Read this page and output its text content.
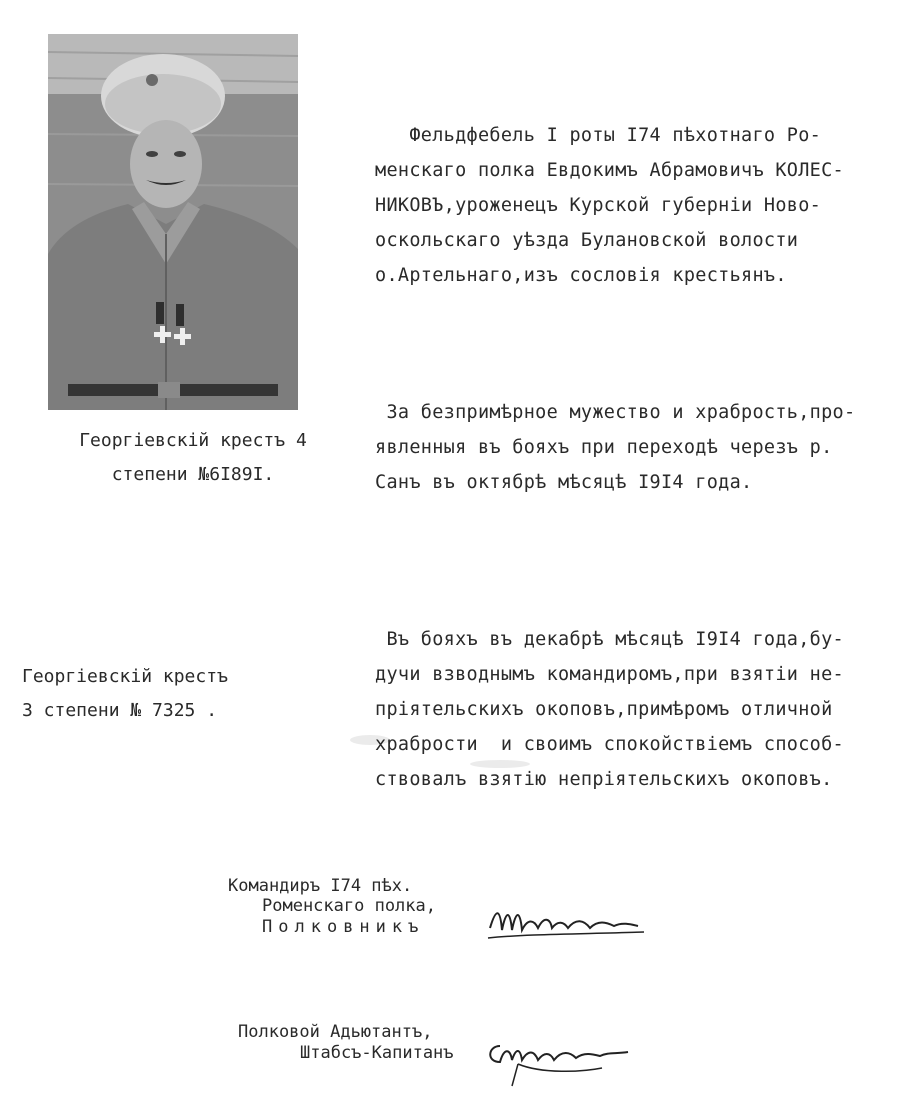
Фельдфебель I роты I74 пѣхотнаго Ро-
менскаго полка Евдокимъ Абрамовичъ КОЛЕС-
НИКОВЪ,уроженецъ Курской губерніи Ново-
оскольскаго уѣзда Булановской волости
о.Артельнаго,изъ сословія крестьянъ.
Георгіевскій крестъ 4
степени №6I89I.
За безпримѣрное мужество и храбрость,про-
явленныя въ бояхъ при переходѣ черезъ р.
Санъ въ октябрѣ мѣсяцѣ I9I4 года.
Георгіевскій крестъ
3 степени № 7325 .
Въ бояхъ въ декабрѣ мѣсяцѣ I9I4 года,бу-
дучи взводнымъ командиромъ,при взятіи не-
пріятельскихъ окоповъ,примѣромъ отличной
храбрости  и своимъ спокойствіемъ способ-
ствовалъ взятію непріятельскихъ окоповъ.
Командиръ I74 пѣх.
Роменскаго полка,
Полковникъ
Полковой Адьютантъ,
Штабсъ-Капитанъ
